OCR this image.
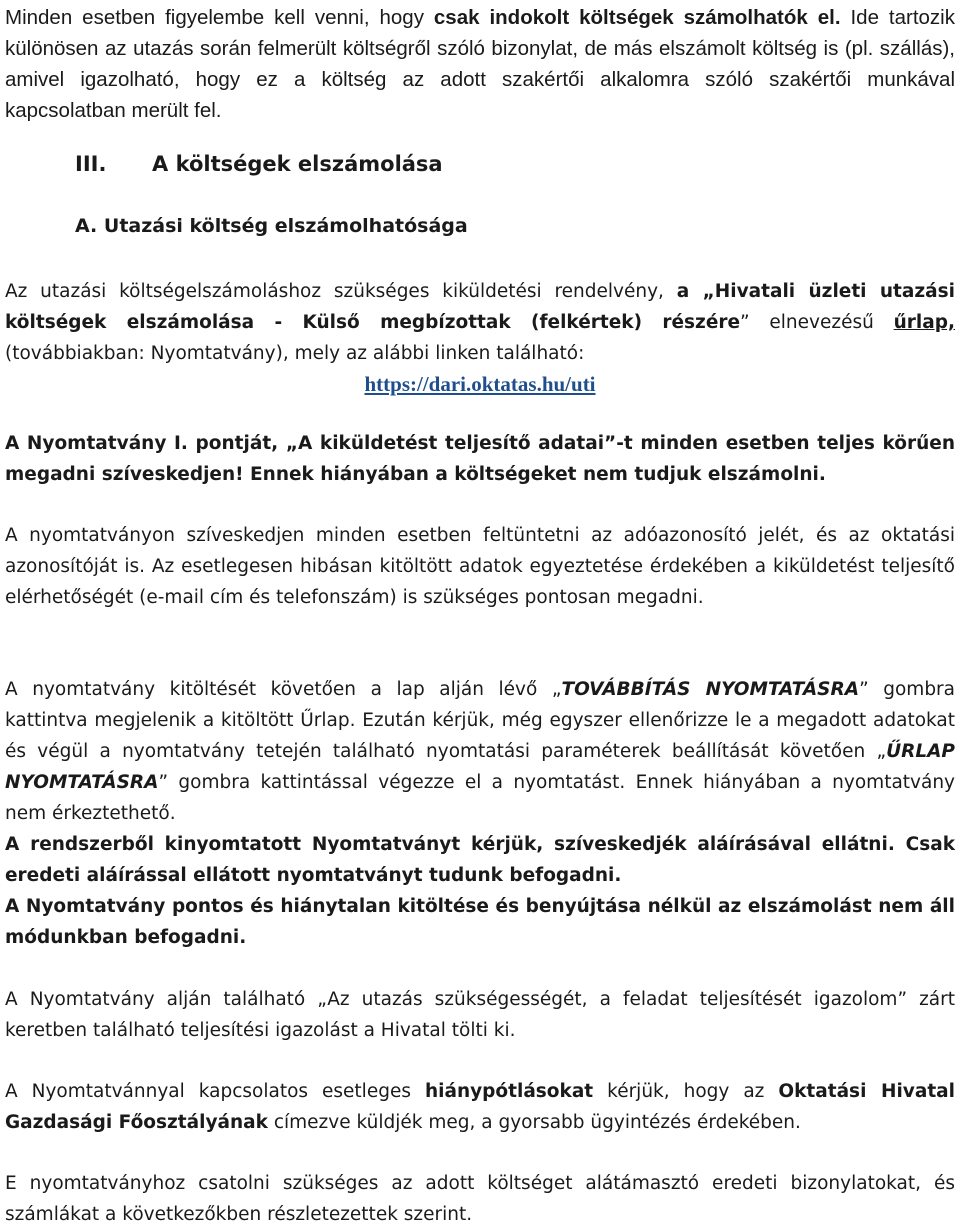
Minden esetben figyelembe kell venni, hogy csak indokolt költségek számolhatók el. Ide tartozik különösen az utazás során felmerült költségről szóló bizonylat, de más elszámolt költség is (pl. szállás), amivel igazolható, hogy ez a költség az adott szakértői alkalomra szóló szakértői munkával kapcsolatban merült fel.

III.	A költségek elszámolása
A. Utazási költség elszámolhatósága

Az utazási költségelszámoláshoz szükséges kiküldetési rendelvény, a „Hivatali üzleti utazási költségek elszámolása - Külső megbízottak (felkértek) részére” elnevezésű űrlap, (továbbiakban: Nyomtatvány), mely az alábbi linken található:

https://dari.oktatas.hu/uti

A Nyomtatvány I. pontját, „A kiküldetést teljesítő adatai”-t minden esetben teljes körűen megadni szíveskedjen! Ennek hiányában a költségeket nem tudjuk elszámolni.

A nyomtatványon szíveskedjen minden esetben feltüntetni az adóazonosító jelét, és az oktatási azonosítóját is. Az esetlegesen hibásan kitöltött adatok egyeztetése érdekében a kiküldetést teljesítő elérhetőségét (e-mail cím és telefonszám) is szükséges pontosan megadni.

A nyomtatvány kitöltését követően a lap alján lévő „TOVÁBBÍTÁS NYOMTATÁSRA” gombra kattintva megjelenik a kitöltött Űrlap. Ezután kérjük, még egyszer ellenőrizze le a megadott adatokat és végül a nyomtatvány tetején található nyomtatási paraméterek beállítását követően „ŰRLAP NYOMTATÁSRA” gombra kattintással végezze el a nyomtatást. Ennek hiányában a nyomtatvány nem érkeztethető.

A rendszerből kinyomtatott Nyomtatványt kérjük, szíveskedjék aláírásával ellátni. Csak eredeti aláírással ellátott nyomtatványt tudunk befogadni.

A Nyomtatvány pontos és hiánytalan kitöltése és benyújtása nélkül az elszámolást nem áll módunkban befogadni.

A Nyomtatvány alján található „Az utazás szükségességét, a feladat teljesítését igazolom” zárt keretben található teljesítési igazolást a Hivatal tölti ki.

A Nyomtatvánnyal kapcsolatos esetleges hiánypótlásokat kérjük, hogy az Oktatási Hivatal Gazdasági Főosztályának címezve küldjék meg, a gyorsabb ügyintézés érdekében.

E nyomtatványhoz csatolni szükséges az adott költséget alátámasztó eredeti bizonylatokat, és számlákat a következőkben részletezettek szerint.
